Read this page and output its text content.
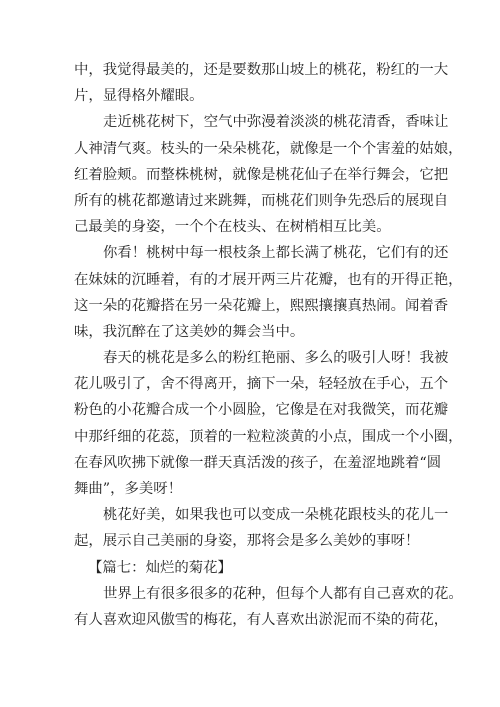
中，我觉得最美的，还是要数那山坡上的桃花，粉红的一大
片，显得格外耀眼。
走近桃花树下，空气中弥漫着淡淡的桃花清香，香味让
人神清气爽。枝头的一朵朵桃花，就像是一个个害羞的姑娘，
红着脸颊。而整株桃树，就像是桃花仙子在举行舞会，它把
所有的桃花都邀请过来跳舞，而桃花们则争先恐后的展现自
己最美的身姿，一个个在枝头、在树梢相互比美。
你看！桃树中每一根枝条上都长满了桃花，它们有的还
在妹妹的沉睡着，有的才展开两三片花瓣，也有的开得正艳，
这一朵的花瓣搭在另一朵花瓣上，熙熙攘攘真热闹。闻着香
味，我沉醉在了这美妙的舞会当中。
春天的桃花是多么的粉红艳丽、多么的吸引人呀！我被
花儿吸引了，舍不得离开，摘下一朵，轻轻放在手心，五个
粉色的小花瓣合成一个小圆脸，它像是在对我微笑，而花瓣
中那纤细的花蕊，顶着的一粒粒淡黄的小点，围成一个小圈，
在春风吹拂下就像一群天真活泼的孩子，在羞涩地跳着“圆
舞曲”，多美呀！
桃花好美，如果我也可以变成一朵桃花跟枝头的花儿一
起，展示自己美丽的身姿，那将会是多么美妙的事呀！
【篇七：灿烂的菊花】
世界上有很多很多的花种，但每个人都有自己喜欢的花。
有人喜欢迎风傲雪的梅花，有人喜欢出淤泥而不染的荷花，
